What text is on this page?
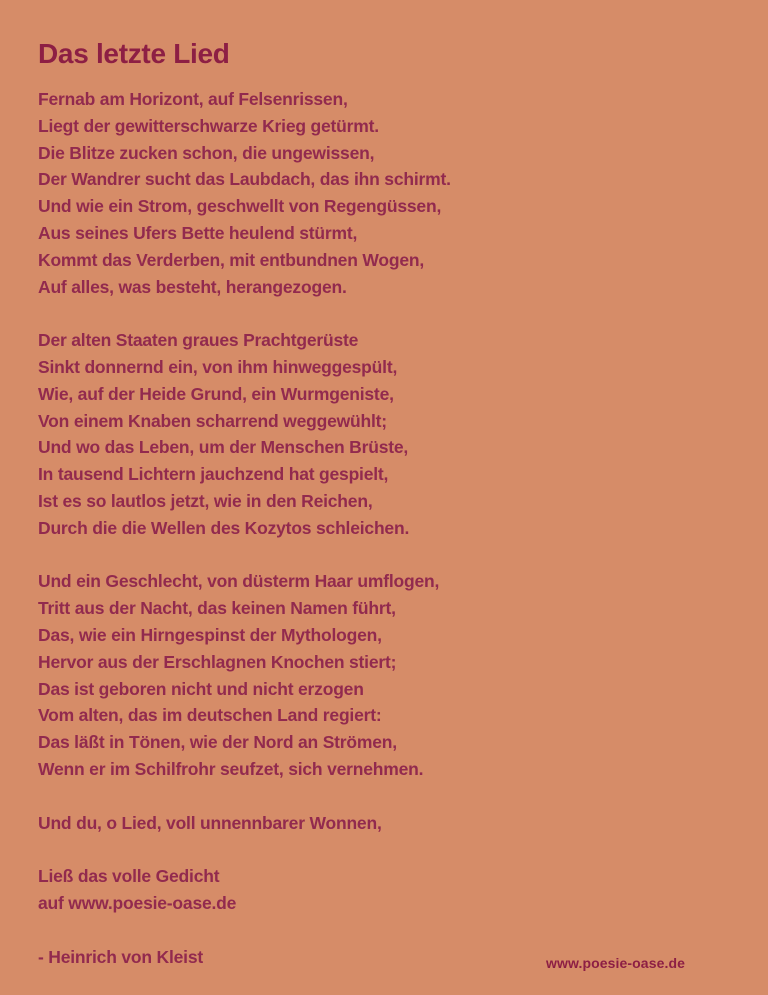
Das letzte Lied
Fernab am Horizont, auf Felsenrissen,
Liegt der gewitterschwarze Krieg getürmt.
Die Blitze zucken schon, die ungewissen,
Der Wandrer sucht das Laubdach, das ihn schirmt.
Und wie ein Strom, geschwellt von Regengüssen,
Aus seines Ufers Bette heulend stürmt,
Kommt das Verderben, mit entbundnen Wogen,
Auf alles, was besteht, herangezogen.
Der alten Staaten graues Prachtgerüste
Sinkt donnernd ein, von ihm hinweggespült,
Wie, auf der Heide Grund, ein Wurmgeniste,
Von einem Knaben scharrend weggewühlt;
Und wo das Leben, um der Menschen Brüste,
In tausend Lichtern jauchzend hat gespielt,
Ist es so lautlos jetzt, wie in den Reichen,
Durch die die Wellen des Kozytos schleichen.
Und ein Geschlecht, von düsterm Haar umflogen,
Tritt aus der Nacht, das keinen Namen führt,
Das, wie ein Hirngespinst der Mythologen,
Hervor aus der Erschlagnen Knochen stiert;
Das ist geboren nicht und nicht erzogen
Vom alten, das im deutschen Land regiert:
Das läßt in Tönen, wie der Nord an Strömen,
Wenn er im Schilfrohr seufzet, sich vernehmen.
Und du, o Lied, voll unnennbarer Wonnen,
Ließ das volle Gedicht
auf www.poesie-oase.de
- Heinrich von Kleist	www.poesie-oase.de
